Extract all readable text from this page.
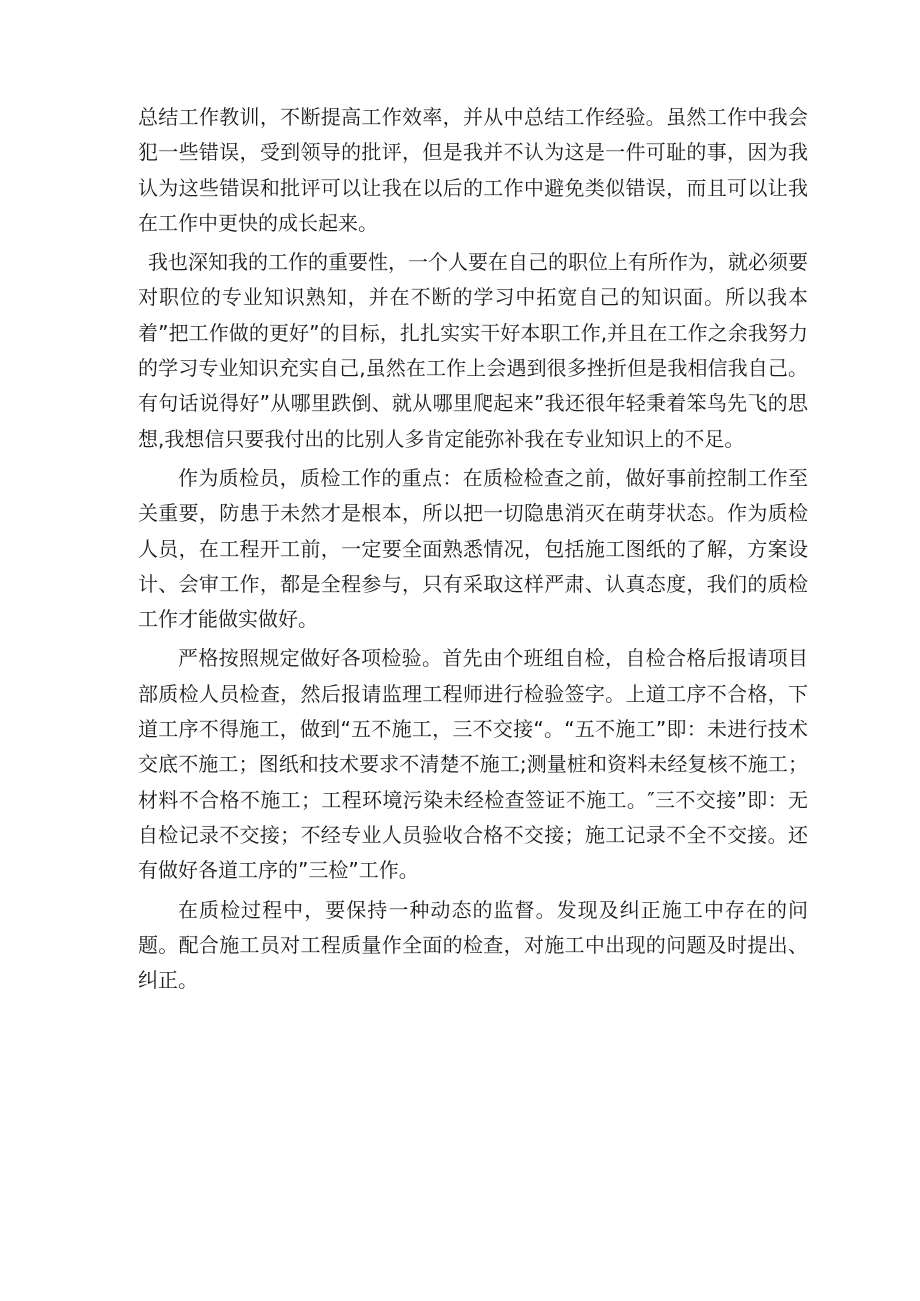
总结工作教训，不断提高工作效率，并从中总结工作经验。虽然工作中我会犯一些错误，受到领导的批评，但是我并不认为这是一件可耻的事，因为我认为这些错误和批评可以让我在以后的工作中避免类似错误，而且可以让我在工作中更快的成长起来。

我也深知我的工作的重要性，一个人要在自己的职位上有所作为，就必须要对职位的专业知识熟知，并在不断的学习中拓宽自己的知识面。所以我本着”把工作做的更好”的目标，扎扎实实干好本职工作,并且在工作之余我努力的学习专业知识充实自己,虽然在工作上会遇到很多挫折但是我相信我自己。有句话说得好”从哪里跌倒、就从哪里爬起来”我还很年轻秉着笨鸟先飞的思想,我想信只要我付出的比别人多肯定能弥补我在专业知识上的不足。

作为质检员，质检工作的重点：在质检检查之前，做好事前控制工作至关重要，防患于未然才是根本，所以把一切隐患消灭在萌芽状态。作为质检人员，在工程开工前，一定要全面熟悉情况，包括施工图纸的了解，方案设计、会审工作，都是全程参与，只有采取这样严肃、认真态度，我们的质检工作才能做实做好。

严格按照规定做好各项检验。首先由个班组自检，自检合格后报请项目部质检人员检查，然后报请监理工程师进行检验签字。上道工序不合格，下道工序不得施工，做到“五不施工，三不交接“。“五不施工”即：未进行技术交底不施工；图纸和技术要求不清楚不施工;测量桩和资料未经复核不施工；材料不合格不施工；工程环境污染未经检查签证不施工。″三不交接”即：无自检记录不交接；不经专业人员验收合格不交接；施工记录不全不交接。还有做好各道工序的”三检”工作。

在质检过程中，要保持一种动态的监督。发现及纠正施工中存在的问题。配合施工员对工程质量作全面的检查，对施工中出现的问题及时提出、纠正。
